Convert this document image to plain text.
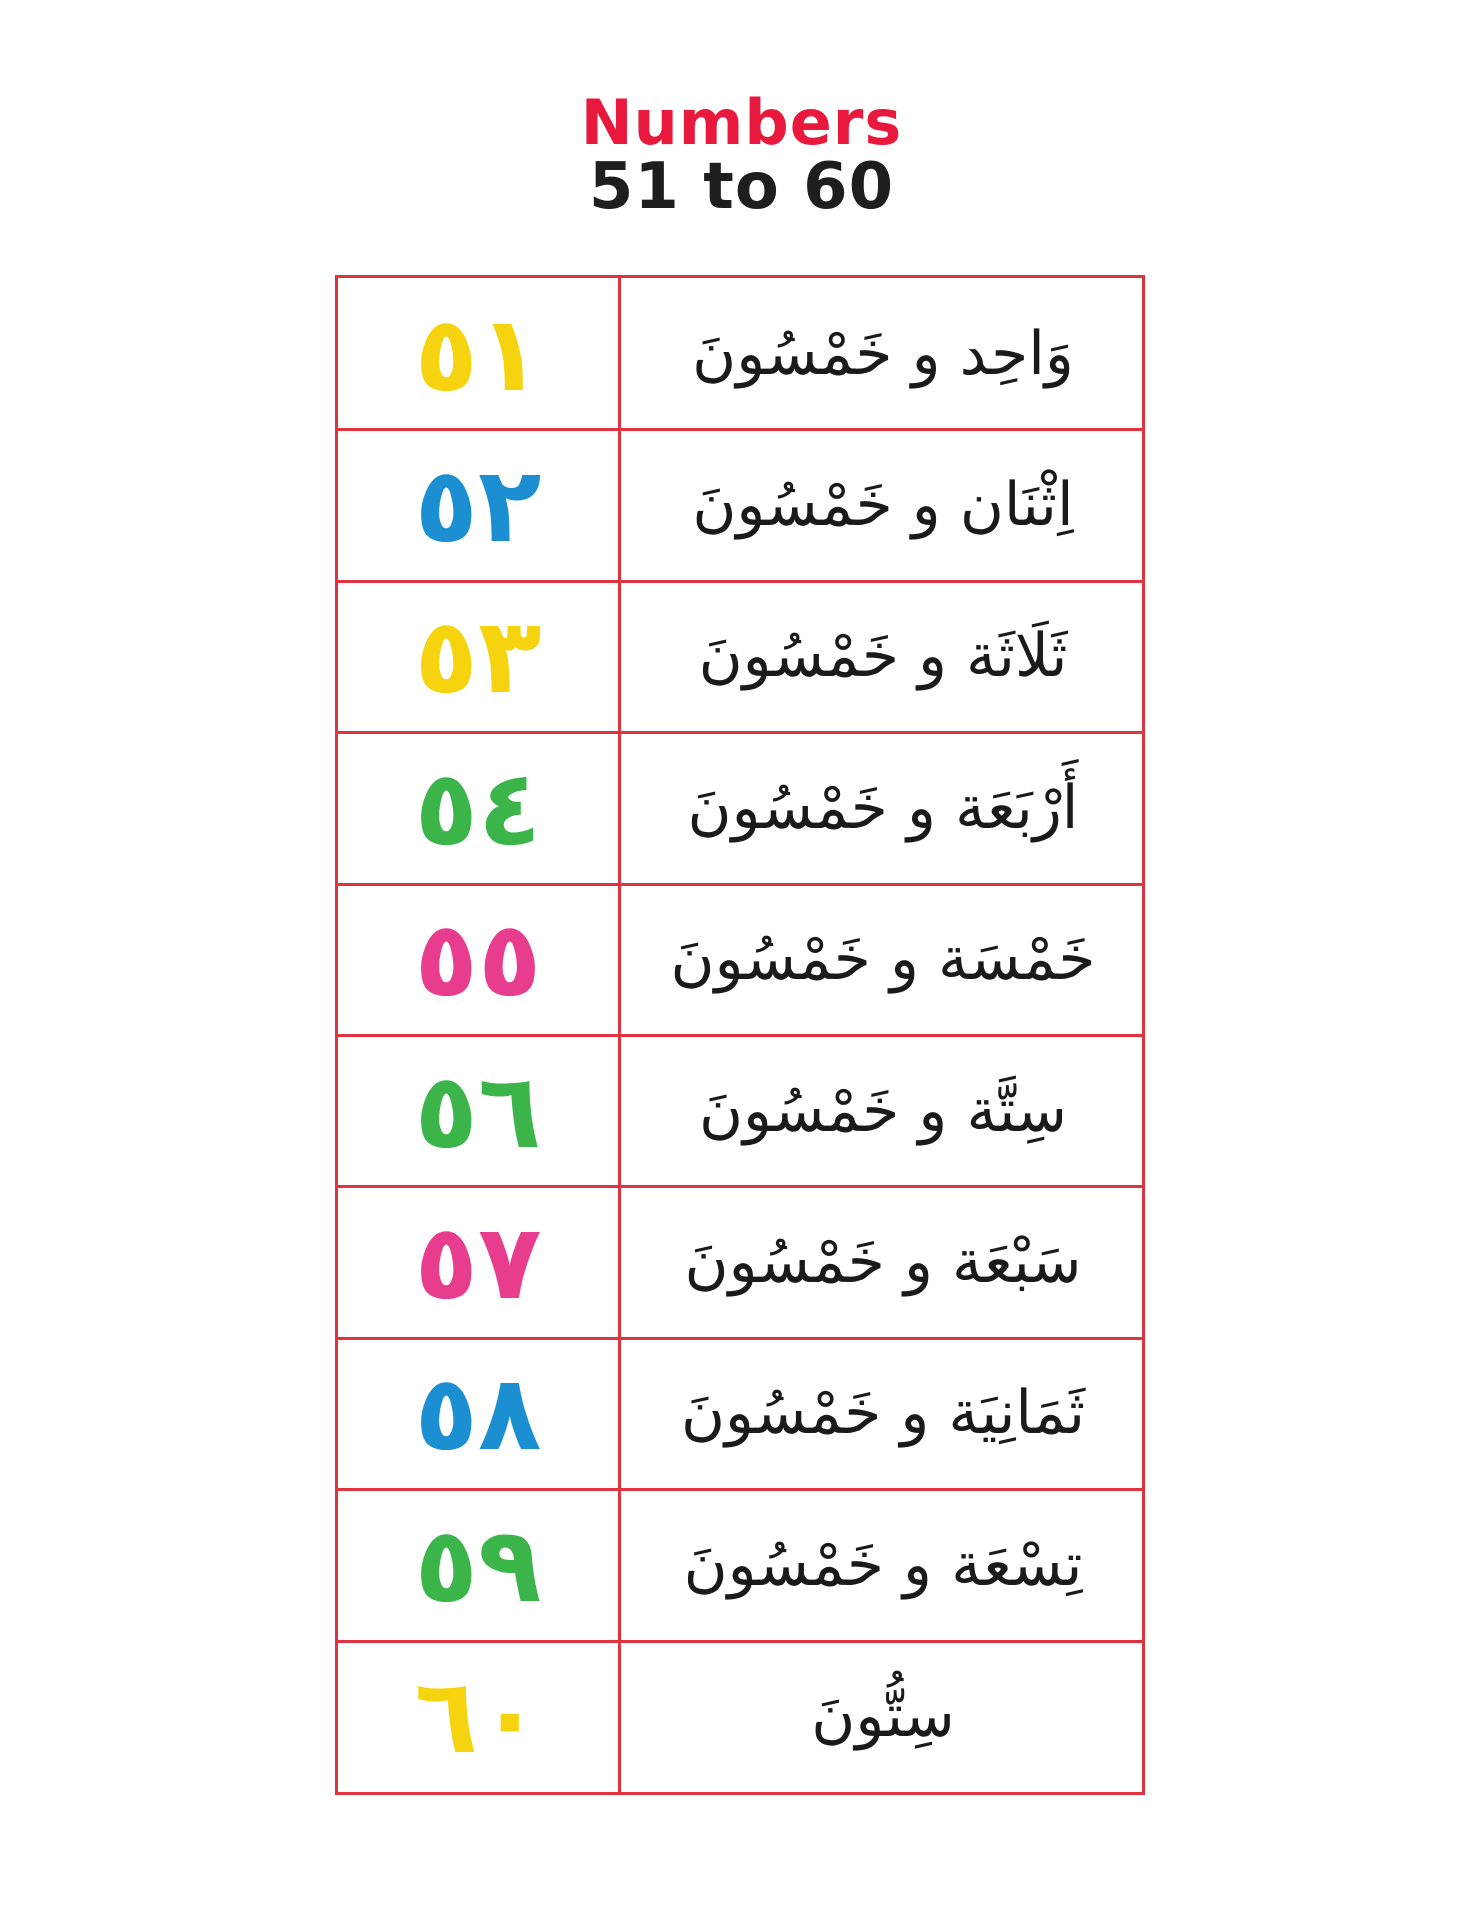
Numbers
51 to 60
٥١	وَاحِد و خَمْسُونَ
٥٢	اِثْنَان و خَمْسُونَ
٥٣	ثَلَاثَة و خَمْسُونَ
٥٤	أَرْبَعَة و خَمْسُونَ
٥٥	خَمْسَة و خَمْسُونَ
٥٦	سِتَّة و خَمْسُونَ
٥٧	سَبْعَة و خَمْسُونَ
٥٨	ثَمَانِيَة و خَمْسُونَ
٥٩	تِسْعَة و خَمْسُونَ
٦٠	سِتُّونَ
